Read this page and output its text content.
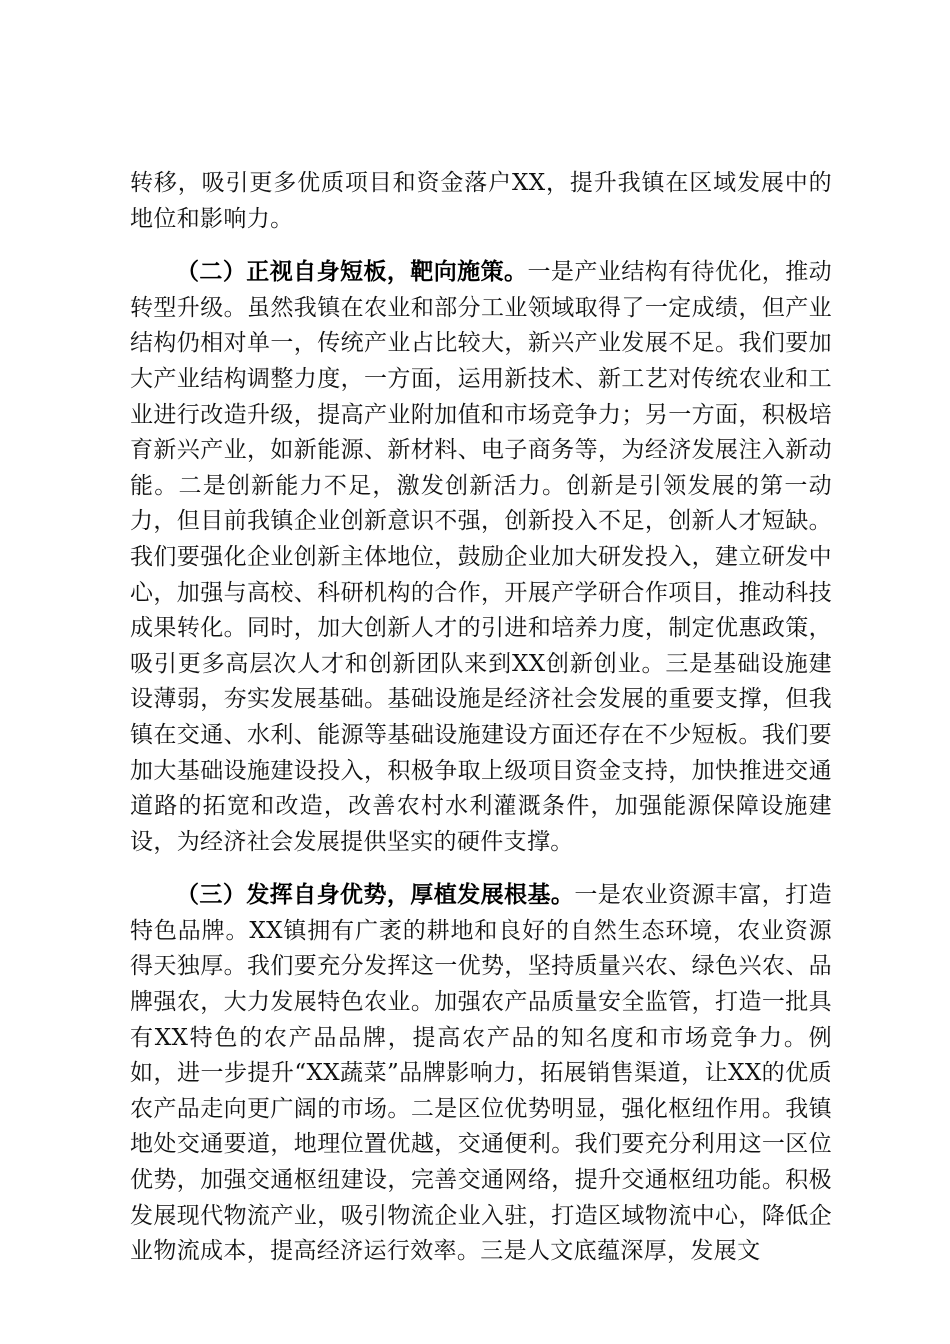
转移，吸引更多优质项目和资金落户XX，提升我镇在区域发展中的地位和影响力。

（二）正视自身短板，靶向施策。一是产业结构有待优化，推动转型升级。虽然我镇在农业和部分工业领域取得了一定成绩，但产业结构仍相对单一，传统产业占比较大，新兴产业发展不足。我们要加大产业结构调整力度，一方面，运用新技术、新工艺对传统农业和工业进行改造升级，提高产业附加值和市场竞争力；另一方面，积极培育新兴产业，如新能源、新材料、电子商务等，为经济发展注入新动能。二是创新能力不足，激发创新活力。创新是引领发展的第一动力，但目前我镇企业创新意识不强，创新投入不足，创新人才短缺。我们要强化企业创新主体地位，鼓励企业加大研发投入，建立研发中心，加强与高校、科研机构的合作，开展产学研合作项目，推动科技成果转化。同时，加大创新人才的引进和培养力度，制定优惠政策，吸引更多高层次人才和创新团队来到XX创新创业。三是基础设施建设薄弱，夯实发展基础。基础设施是经济社会发展的重要支撑，但我镇在交通、水利、能源等基础设施建设方面还存在不少短板。我们要加大基础设施建设投入，积极争取上级项目资金支持，加快推进交通道路的拓宽和改造，改善农村水利灌溉条件，加强能源保障设施建设，为经济社会发展提供坚实的硬件支撑。

（三）发挥自身优势，厚植发展根基。一是农业资源丰富，打造特色品牌。XX镇拥有广袤的耕地和良好的自然生态环境，农业资源得天独厚。我们要充分发挥这一优势，坚持质量兴农、绿色兴农、品牌强农，大力发展特色农业。加强农产品质量安全监管，打造一批具有XX特色的农产品品牌，提高农产品的知名度和市场竞争力。例如，进一步提升“XX蔬菜”品牌影响力，拓展销售渠道，让XX的优质农产品走向更广阔的市场。二是区位优势明显，强化枢纽作用。我镇地处交通要道，地理位置优越，交通便利。我们要充分利用这一区位优势，加强交通枢纽建设，完善交通网络，提升交通枢纽功能。积极发展现代物流产业，吸引物流企业入驻，打造区域物流中心，降低企业物流成本，提高经济运行效率。三是人文底蕴深厚，发展文
